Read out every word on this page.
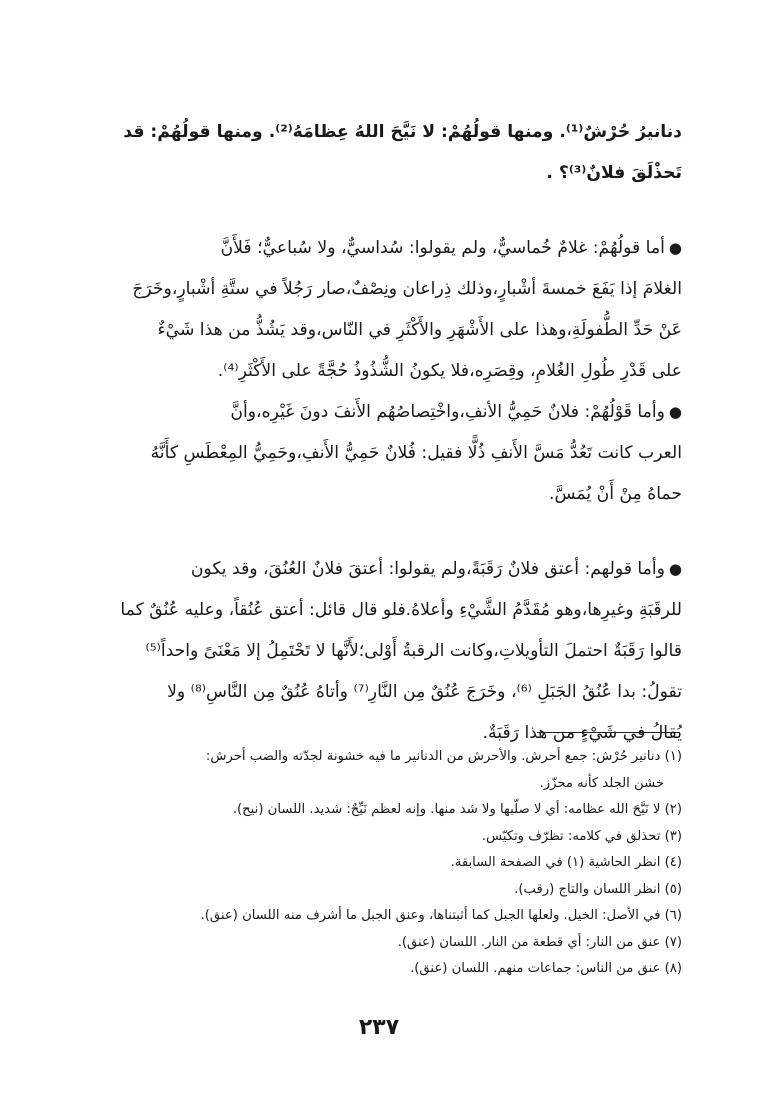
دنانيرُ حُرْشٌ⁽¹⁾. ومنها قولُهُمْ: لا نَيَّحَ اللهُ عِظامَهُ⁽²⁾. ومنها قولُهُمْ: قد
تَحذْلَقَ فلانٌ⁽³⁾؟ .

●أما قولُهُمْ: غلامٌ خُماسيٌّ، ولم يقولوا: سُداسيٌّ، ولا سُباعيٌّ؛ فَلأَنَّ
الغلامَ إذا يَفَعَ خمسةَ أشْبارٍ،وذلك ذِراعان ونِصْفٌ،صار رَجُلاً في ستَّةِ أشْبارٍ،وخَرَجَ
عَنْ حَدِّ الطُّفولَةِ،وهذا على الأَشْهَرِ والأَكْثَرِ في النّاس،وقد يَشُذُّ من هذا شَيْءٌ
على قَدْرِ طُولِ الغُلامِ، وقِصَرِه،فلا يكونُ الشُّذُوذُ حُجَّةً على الأَكْثَرِ⁽⁴⁾.

●وأما قَوْلُهُمْ: فلانٌ حَمِيُّ الأنفِ،واخْتِصاصُهُم الأَنفَ دونَ غَيْرِه،وأنَّ
العرب كانت تَعُدُّ مَسَّ الأَنفِ ذُلًّا فقيل: فُلانٌ حَمِيُّ الأَنفِ،وحَمِيُّ المِعْطَسِ كأَنَّهُ
حماهُ مِنْ أَنْ يُمَسَّ.

●وأما قولهم: أعتق فلانٌ رَقَبَةً،ولم يقولوا: أعتقَ فلانٌ العُنُقَ، وقد يكون
للرقَبَةِ وغيرِها،وهو مُقَدَّمُ الشَّيْءِ وأعلاهُ.فلو قال قائل: أعتق عُنُقاً، وعليه عُنُقٌ كما
قالوا رَقَبَةٌ احتملَ التأويلاتِ،وكانت الرقبةُ أَوْلى؛لأَنَّها لا تَحْتَمِلُ إلا مَعْنَىً واحداً⁽⁵⁾
تقولُ: بدا عُنُقُ الجَبَلِ ⁽⁶⁾، وخَرَجَ عُنُقٌ مِن النَّارِ⁽⁷⁾ وأتاهُ عُنُقٌ مِن النَّاسِ⁽⁸⁾ ولا
يُقالُ في شَيْءٍ من هذا رَقَبَةٌ.

(١) دنانير حُرْش: جمع أحرش. والأحرش من الدنانير ما فيه خشونة لجدّته والضب أحرش:

خشن الجلد كأنه محزّز.

(٢) لا نَيَّحَ الله عظامه: أي لا صلّبها ولا شد منها. وإنه لعظم نَيِّحٌ: شديد. اللسان (نيح).

(٣) تحذلق في كلامه: تظرّف وتكيّس.

(٤) انظر الحاشية (١) في الصفحة السابقة.

(٥) انظر اللسان والتاج (رقب).

(٦) في الأصل: الخيل. ولعلها الجبل كما أثبتناها، وعنق الجبل ما أشرف منه اللسان (عنق).

(٧) عنق من النار: أي قطعة من النار. اللسان (عنق).

(٨) عنق من الناس: جماعات منهم. اللسان (عنق).

٢٣٧
